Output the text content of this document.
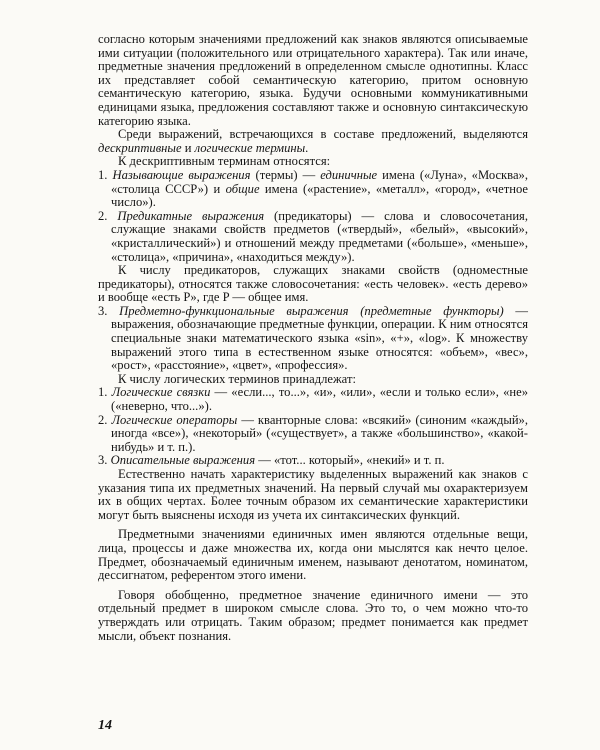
согласно которым значениями предложений как знаков являются описываемые ими ситуации (положительного или отрицательного характера). Так или иначе, предметные значения предложений в определенном смысле однотипны. Класс их представляет собой семантическую категорию, притом основную семантическую категорию, языка. Будучи основными коммуникативными единицами языка, предложения составляют также и основную синтаксическую категорию языка.

Среди выражений, встречающихся в составе предложений, выделяются дескриптивные и логические термины.

К дескриптивным терминам относятся:

1. Называющие выражения (термы) — единичные имена («Луна», «Москва», «столица СССР») и общие имена («растение», «металл», «город», «четное число»).

2. Предикатные выражения (предикаторы) — слова и словосочетания, служащие знаками свойств предметов («твердый», «белый», «высокий», «кристаллический») и отношений между предметами («больше», «меньше», «столица», «причина», «находиться между»).

К числу предикаторов, служащих знаками свойств (одноместные предикаторы), относятся также словосочетания: «есть человек». «есть дерево» и вообще «есть P», где P — общее имя.

3. Предметно-функциональные выражения (предметные функторы) — выражения, обозначающие предметные функции, операции. К ним относятся специальные знаки математического языка «sin», «+», «log». К множеству выражений этого типа в естественном языке относятся: «объем», «вес», «рост», «расстояние», «цвет», «профессия».

К числу логических терминов принадлежат:

1. Логические связки — «если..., то...», «и», «или», «если и только если», «не» («неверно, что...»).

2. Логические операторы — кванторные слова: «всякий» (синоним «каждый», иногда «все»), «некоторый» («существует», а также «большинство», «какой-нибудь» и т. п.).

3. Описательные выражения — «тот... который», «некий» и т. п.

Естественно начать характеристику выделенных выражений как знаков с указания типа их предметных значений. На первый случай мы охарактеризуем их в общих чертах. Более точным образом их семантические характеристики могут быть выяснены исходя из учета их синтаксических функций.

Предметными значениями единичных имен являются отдельные вещи, лица, процессы и даже множества их, когда они мыслятся как нечто целое. Предмет, обозначаемый единичным именем, называют денотатом, номинатом, дессигнатом, референтом этого имени.

Говоря обобщенно, предметное значение единичного имени — это отдельный предмет в широком смысле слова. Это то, о чем можно что-то утверждать или отрицать. Таким образом; предмет понимается как предмет мысли, объект познания.

14
